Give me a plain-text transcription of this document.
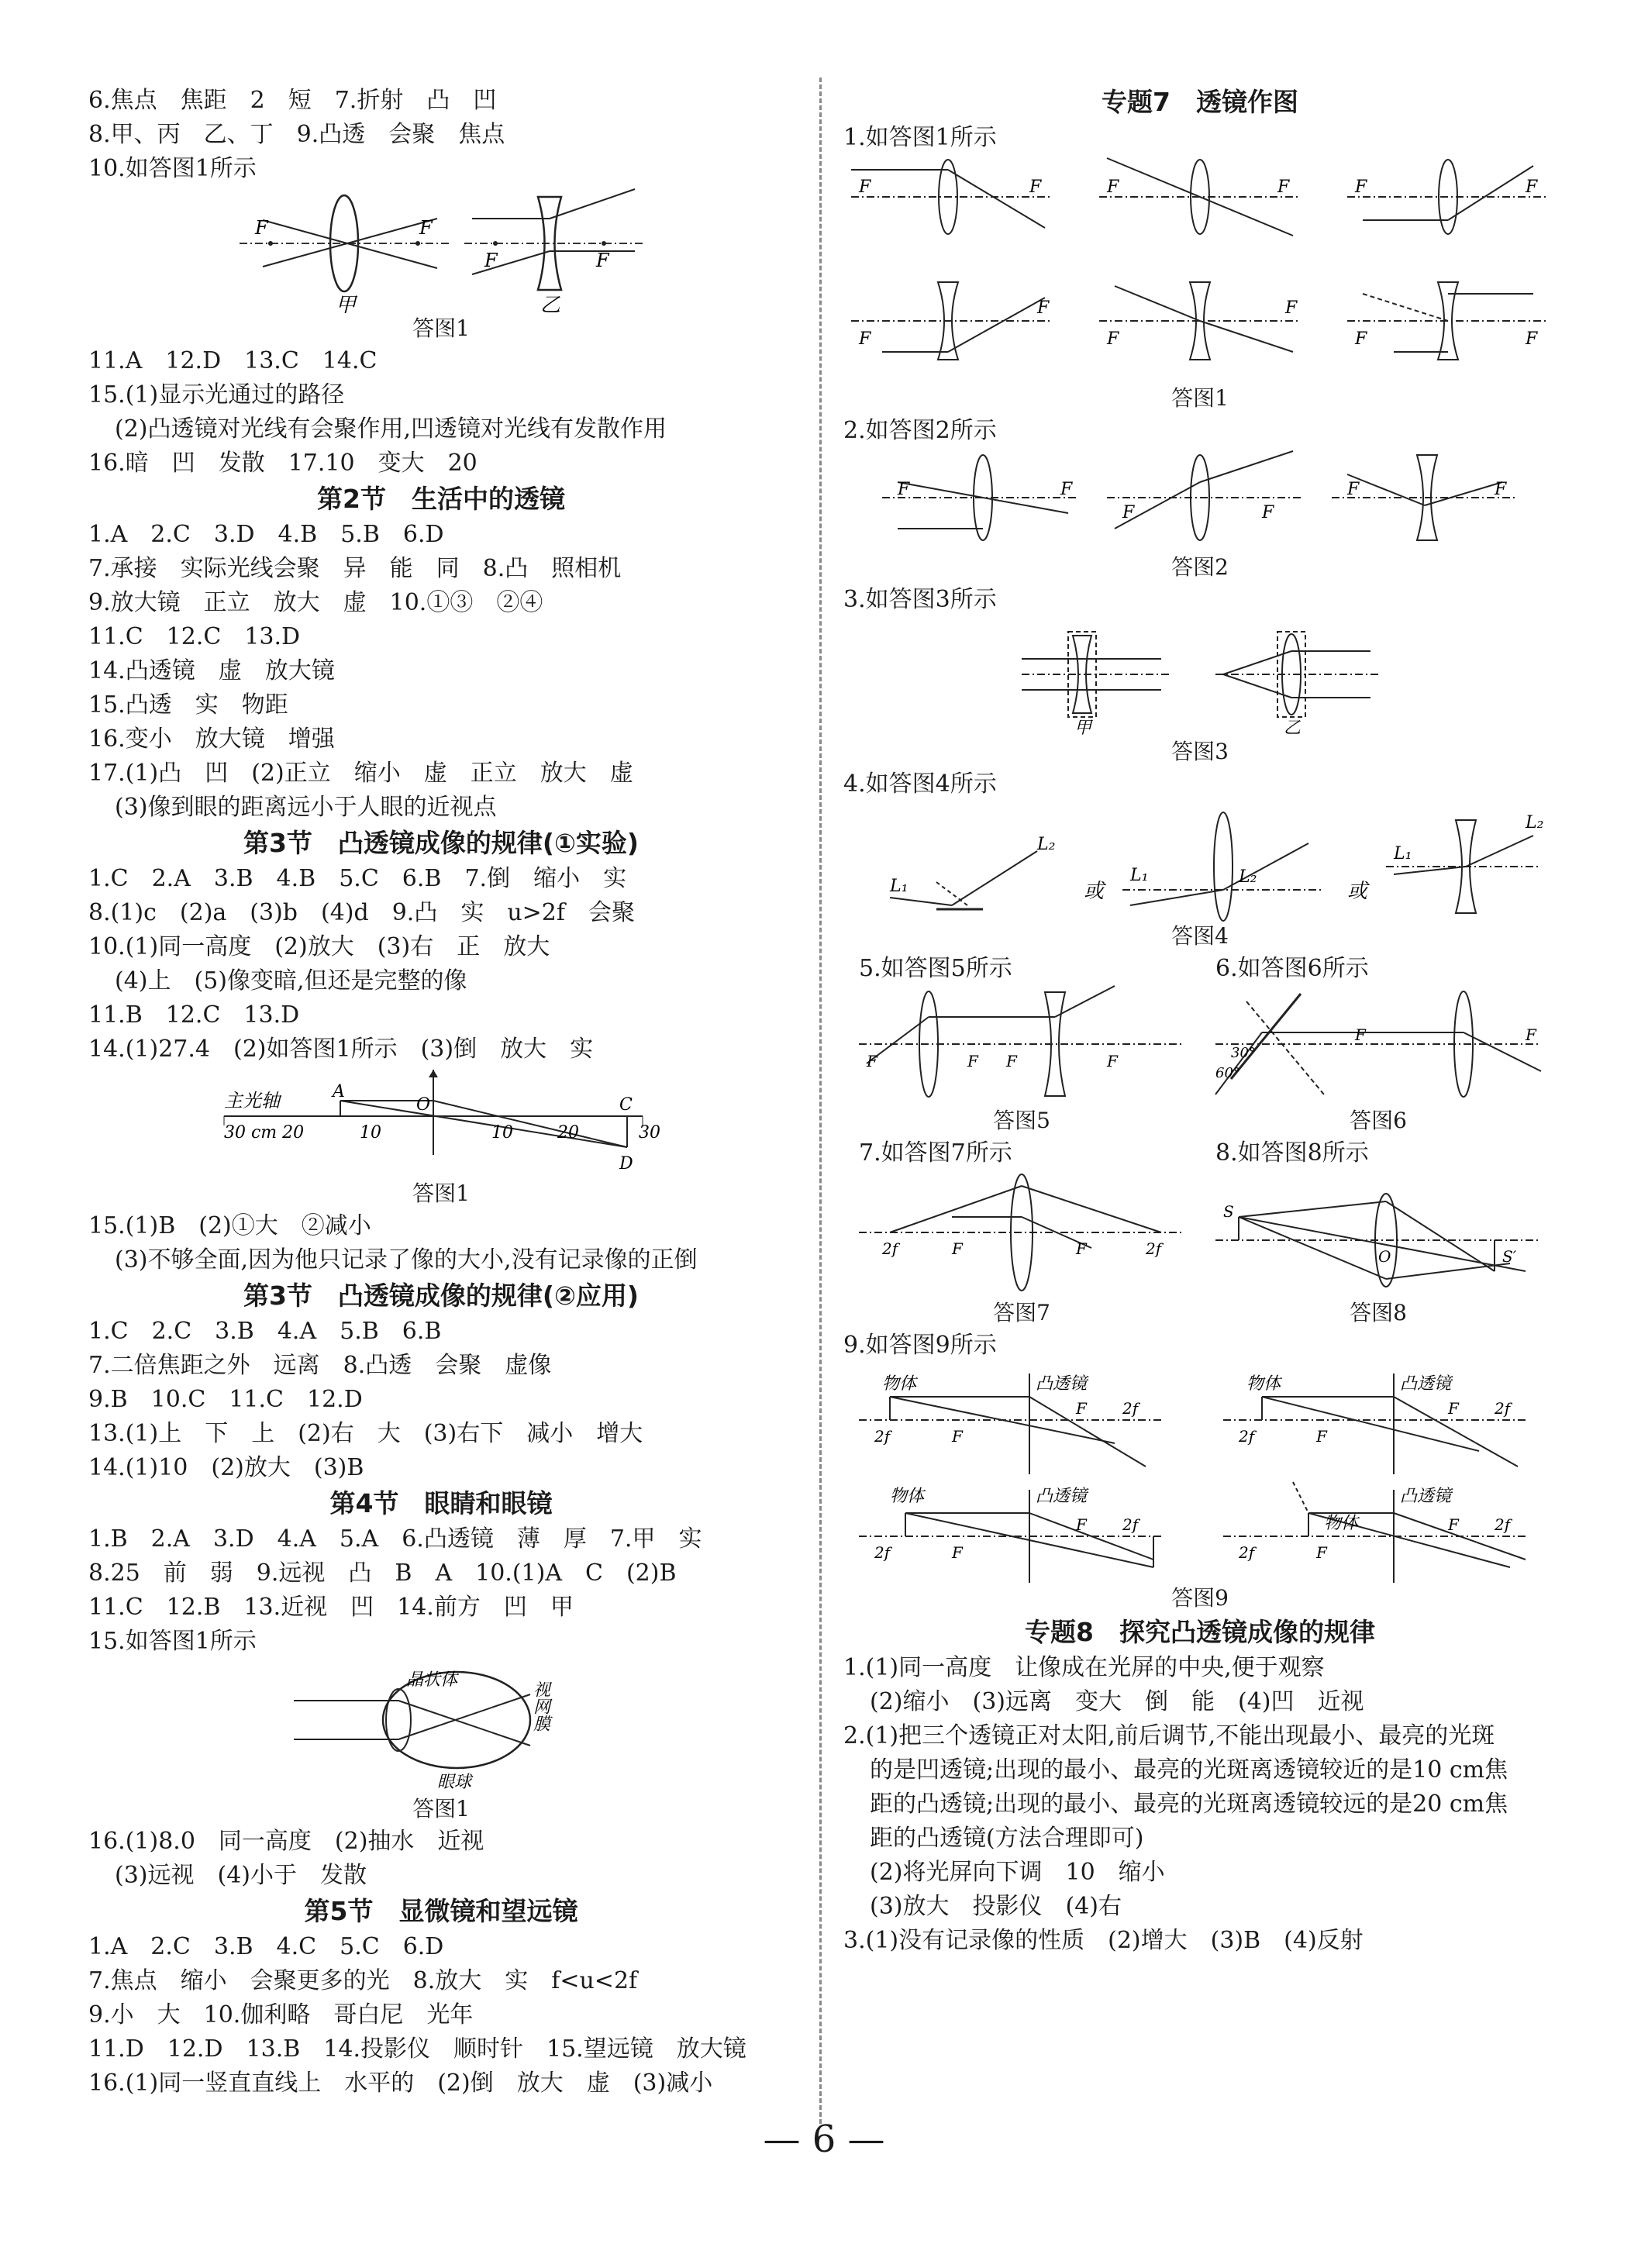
6.焦点　焦距　2　短　7.折射　凸　凹
8.甲、丙　乙、丁　9.凸透　会聚　焦点
10.如答图1所示
F	F
甲
F	F
乙
答图1
11.A　12.D　13.C　14.C
15.(1)显示光通过的路径
(2)凸透镜对光线有会聚作用,凹透镜对光线有发散作用
16.暗　凹　发散　17.10　变大　20
第2节　生活中的透镜
1.A　2.C　3.D　4.B　5.B　6.D
7.承接　实际光线会聚　异　能　同　8.凸　照相机
9.放大镜　正立　放大　虚　10.①③　②④
11.C　12.C　13.D
14.凸透镜　虚　放大镜
15.凸透　实　物距
16.变小　放大镜　增强
17.(1)凸　凹　(2)正立　缩小　虚　正立　放大　虚
(3)像到眼的距离远小于人眼的近视点
第3节　凸透镜成像的规律(①实验)
1.C　2.A　3.B　4.B　5.C　6.B　7.倒　缩小　实
8.(1)c　(2)a　(3)b　(4)d　9.凸　实　u>2f　会聚
10.(1)同一高度　(2)放大　(3)右　正　放大
(4)上　(5)像变暗,但还是完整的像
11.B　12.C　13.D
14.(1)27.4　(2)如答图1所示　(3)倒　放大　实
主光轴	A
O	C
D
30 cm 20	10	10	20	30
答图1
15.(1)B　(2)①大　②减小
(3)不够全面,因为他只记录了像的大小,没有记录像的正倒
第3节　凸透镜成像的规律(②应用)
1.C　2.C　3.B　4.A　5.B　6.B
7.二倍焦距之外　远离　8.凸透　会聚　虚像
9.B　10.C　11.C　12.D
13.(1)上　下　上　(2)右　大　(3)右下　减小　增大
14.(1)10　(2)放大　(3)B
第4节　眼睛和眼镜
1.B　2.A　3.D　4.A　5.A　6.凸透镜　薄　厚　7.甲　实
8.25　前　弱　9.远视　凸　B　A　10.(1)A　C　(2)B
11.C　12.B　13.近视　凹　14.前方　凹　甲
15.如答图1所示
晶状体
视网膜
眼球
答图1
16.(1)8.0　同一高度　(2)抽水　近视
(3)远视　(4)小于　发散
第5节　显微镜和望远镜
1.A　2.C　3.B　4.C　5.C　6.D
7.焦点　缩小　会聚更多的光　8.放大　实　f<u<2f
9.小　大　10.伽利略　哥白尼　光年
11.D　12.D　13.B　14.投影仪　顺时针　15.望远镜　放大镜
16.(1)同一竖直直线上　水平的　(2)倒　放大　虚　(3)减小
专题7　透镜作图
1.如答图1所示
F	F	F	F	F	F
F
F
F
F
F	F
答图1
2.如答图2所示
F	F
F	F
F	F
答图2
3.如答图3所示
甲	乙
答图3
4.如答图4所示
L₁
L₂
或
L₁	L₂
或
L₁
L₂
答图4
5.如答图5所示
F	F F	F
答图5
6.如答图6所示
30°
60°
F	F
答图6
7.如答图7所示
2f	F	F	2f
答图7
8.如答图8所示
S
O	S′
答图8
9.如答图9所示
物体	凸透镜
2f	F
F 2f
物体	凸透镜
2f	F
F 2f
物体	凸透镜
2f	F
F 2f	物体
凸透镜
2f	F
F 2f
答图9
专题8　探究凸透镜成像的规律
1.(1)同一高度　让像成在光屏的中央,便于观察
(2)缩小　(3)远离　变大　倒　能　(4)凹　近视
2.(1)把三个透镜正对太阳,前后调节,不能出现最小、最亮的光斑
的是凹透镜;出现的最小、最亮的光斑离透镜较近的是10 cm焦
距的凸透镜;出现的最小、最亮的光斑离透镜较远的是20 cm焦
距的凸透镜(方法合理即可)
(2)将光屏向下调　10　缩小
(3)放大　投影仪　(4)右
3.(1)没有记录像的性质　(2)增大　(3)B　(4)反射
— 6 —
